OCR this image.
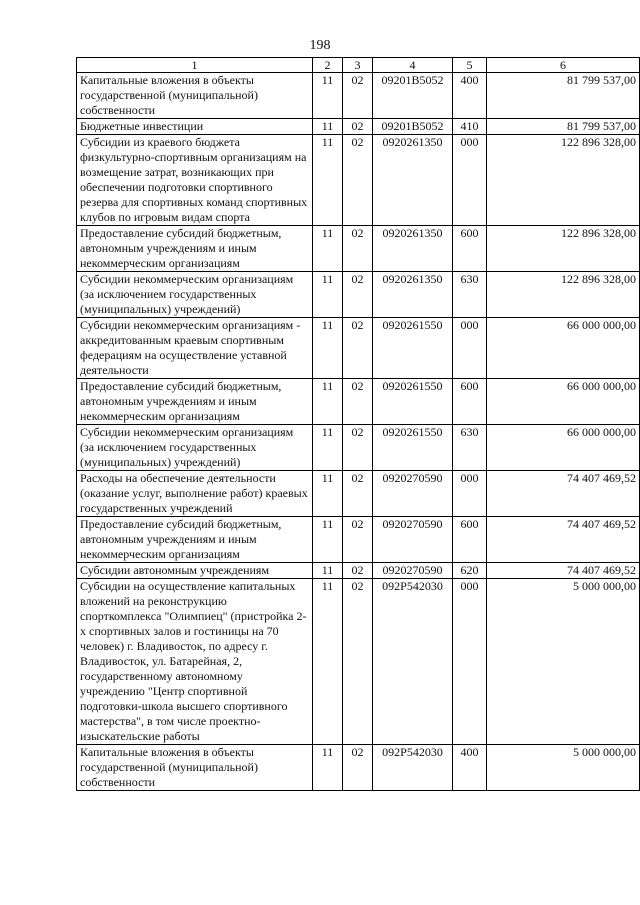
198
1	2	3	4	5	6
Капитальные вложения в объекты государственной (муниципальной) собственности	11	02	09201B5052	400	81 799 537,00
Бюджетные инвестиции	11	02	09201B5052	410	81 799 537,00
Субсидии из краевого бюджета физкультурно-спортивным организациям на возмещение затрат, возникающих при обеспечении подготовки спортивного резерва для спортивных команд спортивных клубов по игровым видам спорта	11	02	0920261350	000	122 896 328,00
Предоставление субсидий бюджетным, автономным учреждениям и иным некоммерческим организациям	11	02	0920261350	600	122 896 328,00
Субсидии некоммерческим организациям (за исключением государственных (муниципальных) учреждений)	11	02	0920261350	630	122 896 328,00
Субсидии некоммерческим организациям - аккредитованным краевым спортивным федерациям на осуществление уставной деятельности	11	02	0920261550	000	66 000 000,00
Предоставление субсидий бюджетным, автономным учреждениям и иным некоммерческим организациям	11	02	0920261550	600	66 000 000,00
Субсидии некоммерческим организациям (за исключением государственных (муниципальных) учреждений)	11	02	0920261550	630	66 000 000,00
Расходы на обеспечение деятельности (оказание услуг, выполнение работ) краевых государственных учреждений	11	02	0920270590	000	74 407 469,52
Предоставление субсидий бюджетным, автономным учреждениям и иным некоммерческим организациям	11	02	0920270590	600	74 407 469,52
Субсидии автономным учреждениям	11	02	0920270590	620	74 407 469,52
Субсидии на осуществление капитальных вложений на реконструкцию спорткомплекса "Олимпиец" (пристройка 2-х спортивных залов и гостиницы на 70 человек) г. Владивосток, по адресу г. Владивосток, ул. Батарейная, 2, государственному автономному учреждению "Центр спортивной подготовки-школа высшего спортивного мастерства", в том числе проектно-изыскательские работы	11	02	092P542030	000	5 000 000,00
Капитальные вложения в объекты государственной (муниципальной) собственности	11	02	092P542030	400	5 000 000,00
